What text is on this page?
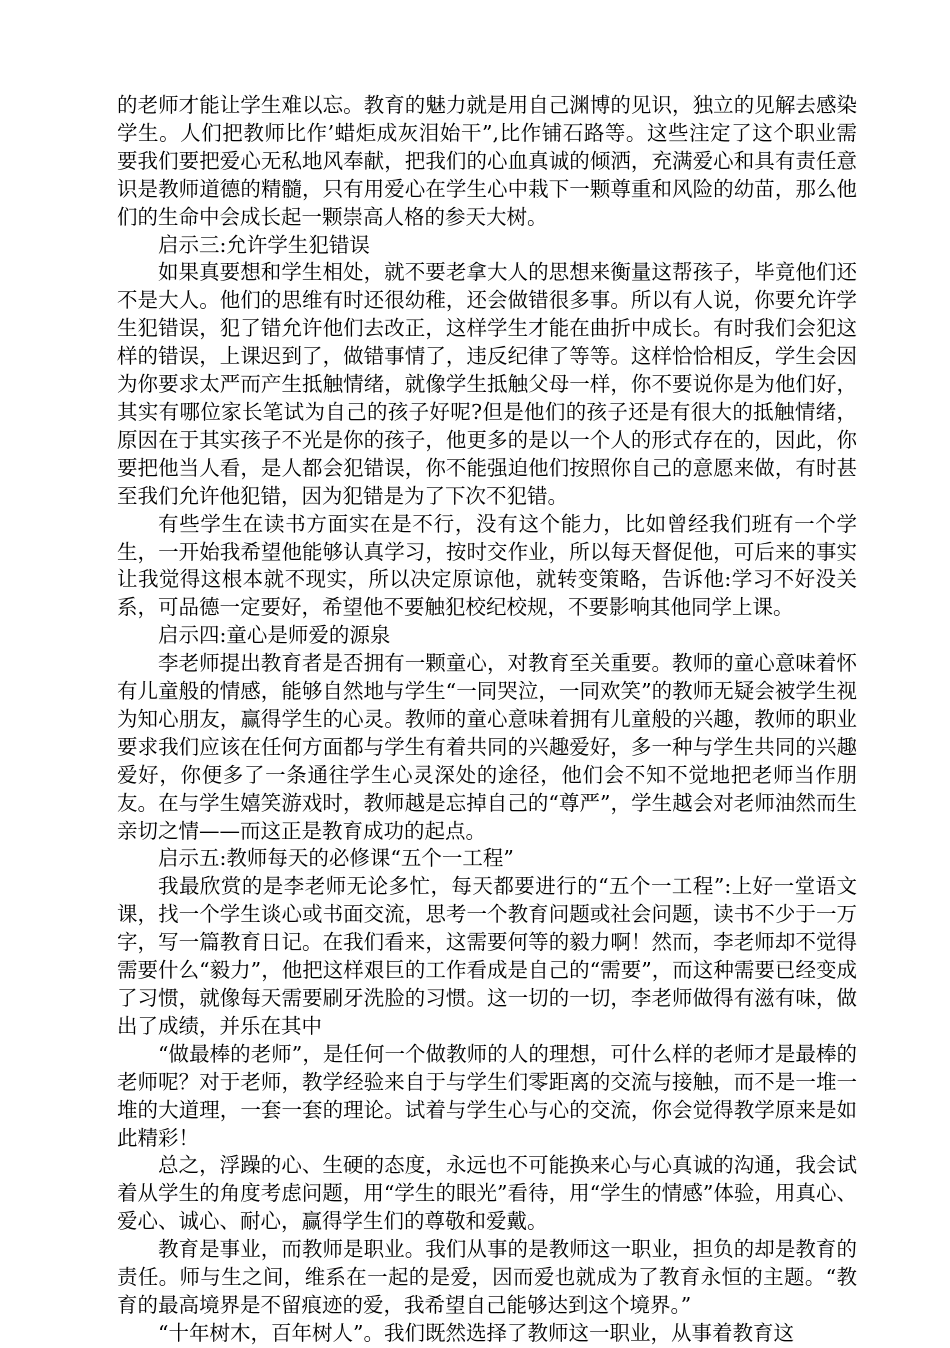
的老师才能让学生难以忘。教育的魅力就是用自己渊博的见识，独立的见解去感染学生。人们把教师比作’蜡炬成灰泪始干”,比作铺石路等。这些注定了这个职业需要我们要把爱心无私地风奉献，把我们的心血真诚的倾洒，充满爱心和具有责任意识是教师道德的精髓，只有用爱心在学生心中栽下一颗尊重和风险的幼苗，那么他们的生命中会成长起一颗崇高人格的参天大树。

启示三:允许学生犯错误

如果真要想和学生相处，就不要老拿大人的思想来衡量这帮孩子，毕竟他们还不是大人。他们的思维有时还很幼稚，还会做错很多事。所以有人说，你要允许学生犯错误，犯了错允许他们去改正，这样学生才能在曲折中成长。有时我们会犯这样的错误，上课迟到了，做错事情了，违反纪律了等等。这样恰恰相反，学生会因为你要求太严而产生抵触情绪，就像学生抵触父母一样，你不要说你是为他们好，其实有哪位家长笔试为自己的孩子好呢?但是他们的孩子还是有很大的抵触情绪，原因在于其实孩子不光是你的孩子，他更多的是以一个人的形式存在的，因此，你要把他当人看，是人都会犯错误，你不能强迫他们按照你自己的意愿来做，有时甚至我们允许他犯错，因为犯错是为了下次不犯错。

有些学生在读书方面实在是不行，没有这个能力，比如曾经我们班有一个学生，一开始我希望他能够认真学习，按时交作业，所以每天督促他，可后来的事实让我觉得这根本就不现实，所以决定原谅他，就转变策略，告诉他:学习不好没关系，可品德一定要好，希望他不要触犯校纪校规，不要影响其他同学上课。

启示四:童心是师爱的源泉

李老师提出教育者是否拥有一颗童心，对教育至关重要。教师的童心意味着怀有儿童般的情感，能够自然地与学生“一同哭泣，一同欢笑”的教师无疑会被学生视为知心朋友，赢得学生的心灵。教师的童心意味着拥有儿童般的兴趣，教师的职业要求我们应该在任何方面都与学生有着共同的兴趣爱好，多一种与学生共同的兴趣爱好，你便多了一条通往学生心灵深处的途径，他们会不知不觉地把老师当作朋友。在与学生嬉笑游戏时，教师越是忘掉自己的“尊严”，学生越会对老师油然而生亲切之情——而这正是教育成功的起点。

启示五:教师每天的必修课“五个一工程”

我最欣赏的是李老师无论多忙，每天都要进行的“五个一工程”:上好一堂语文课，找一个学生谈心或书面交流，思考一个教育问题或社会问题，读书不少于一万字，写一篇教育日记。在我们看来，这需要何等的毅力啊！然而，李老师却不觉得需要什么“毅力”，他把这样艰巨的工作看成是自己的“需要”，而这种需要已经变成了习惯，就像每天需要刷牙洗脸的习惯。这一切的一切，李老师做得有滋有味，做出了成绩，并乐在其中

“做最棒的老师”，是任何一个做教师的人的理想，可什么样的老师才是最棒的老师呢？对于老师，教学经验来自于与学生们零距离的交流与接触，而不是一堆一堆的大道理，一套一套的理论。试着与学生心与心的交流，你会觉得教学原来是如此精彩！

总之，浮躁的心、生硬的态度，永远也不可能换来心与心真诚的沟通，我会试着从学生的角度考虑问题，用“学生的眼光”看待，用“学生的情感”体验，用真心、爱心、诚心、耐心，赢得学生们的尊敬和爱戴。

教育是事业，而教师是职业。我们从事的是教师这一职业，担负的却是教育的责任。师与生之间，维系在一起的是爱，因而爱也就成为了教育永恒的主题。“教育的最高境界是不留痕迹的爱，我希望自己能够达到这个境界。”

“十年树木，百年树人”。我们既然选择了教师这一职业，从事着教育这
